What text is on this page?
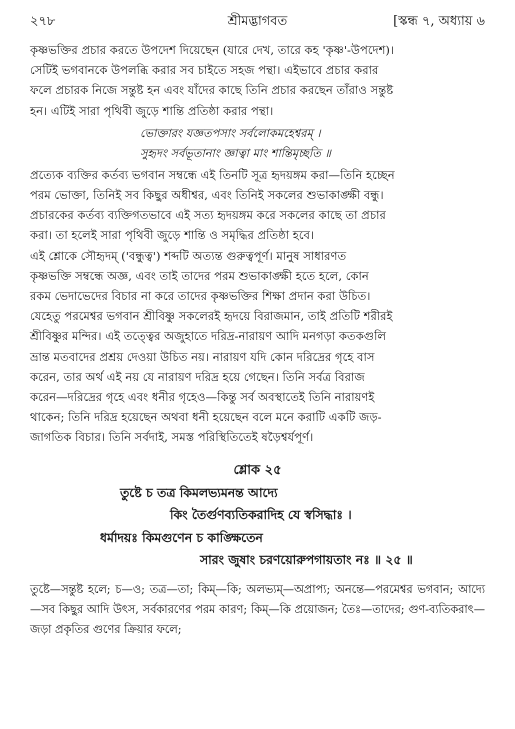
২৭৮	শ্রীমদ্ভাগবত	[স্কন্ধ ৭, অধ্যায় ৬
কৃষ্ণভক্তির প্রচার করতে উপদেশ দিয়েছেন (যারে দেখ, তারে কহ 'কৃষ্ণ'-উপদেশ)।
সেটিই ভগবানকে উপলব্ধি করার সব চাইতে সহজ পন্থা। এইভাবে প্রচার করার
ফলে প্রচারক নিজে সন্তুষ্ট হন এবং যাঁদের কাছে তিনি প্রচার করছেন তাঁরাও সন্তুষ্ট
হন। এটিই সারা পৃথিবী জুড়ে শান্তি প্রতিষ্ঠা করার পন্থা।
ভোক্তারং যজ্ঞতপসাং সর্বলোকমহেশ্বরম্ ।
সুহৃদং সর্বভূতানাং জ্ঞাত্বা মাং শান্তিমৃচ্ছতি ॥
প্রত্যেক ব্যক্তির কর্তব্য ভগবান সম্বন্ধে এই তিনটি সূত্র হৃদয়ঙ্গম করা—তিনি হচ্ছেন
পরম ভোক্তা, তিনিই সব কিছুর অধীশ্বর, এবং তিনিই সকলের শুভাকাঙ্ক্ষী বন্ধু।
প্রচারকের কর্তব্য ব্যক্তিগতভাবে এই সত্য হৃদয়ঙ্গম করে সকলের কাছে তা প্রচার
করা। তা হলেই সারা পৃথিবী জুড়ে শান্তি ও সমৃদ্ধির প্রতিষ্ঠা হবে।
এই শ্লোকে সৌহৃদম্ ('বন্ধুত্ব') শব্দটি অত্যন্ত গুরুত্বপূর্ণ। মানুষ সাধারণত
কৃষ্ণভক্তি সম্বন্ধে অজ্ঞ, এবং তাই তাদের পরম শুভাকাঙ্ক্ষী হতে হলে, কোন
রকম ভেদাভেদের বিচার না করে তাদের কৃষ্ণভক্তির শিক্ষা প্রদান করা উচিত।
যেহেতু পরমেশ্বর ভগবান শ্রীবিষ্ণু সকলেরই হৃদয়ে বিরাজমান, তাই প্রতিটি শরীরই
শ্রীবিষ্ণুর মন্দির। এই তত্ত্বের অজুহাতে দরিদ্র-নারায়ণ আদি মনগড়া কতকগুলি
ভ্রান্ত মতবাদের প্রশ্রয় দেওয়া উচিত নয়। নারায়ণ যদি কোন দরিদ্রের গৃহে বাস
করেন, তার অর্থ এই নয় যে নারায়ণ দরিদ্র হয়ে গেছেন। তিনি সর্বত্র বিরাজ
করেন—দরিদ্রের গৃহে এবং ধনীর গৃহেও—কিন্তু সর্ব অবস্থাতেই তিনি নারায়ণই
থাকেন; তিনি দরিদ্র হয়েছেন অথবা ধনী হয়েছেন বলে মনে করাটি একটি জড়-
জাগতিক বিচার। তিনি সর্বদাই, সমস্ত পরিস্থিতিতেই ষড়ৈশ্বর্যপূর্ণ।
শ্লোক ২৫
তুষ্টে চ তত্র কিমলভ্যমনন্ত আদ্যে
কিং তৈর্গুণব্যতিকরাদিহ যে স্বসিদ্ধাঃ ।
ধর্মাদয়ঃ কিমগুণেন চ কাঙ্ক্ষিতেন
সারং জুষাং চরণয়োরুপগায়তাং নঃ ॥ ২৫ ॥
তুষ্টে—সন্তুষ্ট হলে; চ—ও; তত্র—তা; কিম্—কি; অলভ্যম্—অপ্রাপ্য; অনন্তে—পরমেশ্বর ভগবান; আদ্যে—সব কিছুর আদি উৎস, সর্বকারণের পরম কারণ; কিম্—কি প্রয়োজন; তৈঃ—তাদের; গুণ-ব্যতিকরাৎ—জড়া প্রকৃতির গুণের ক্রিয়ার ফলে;
